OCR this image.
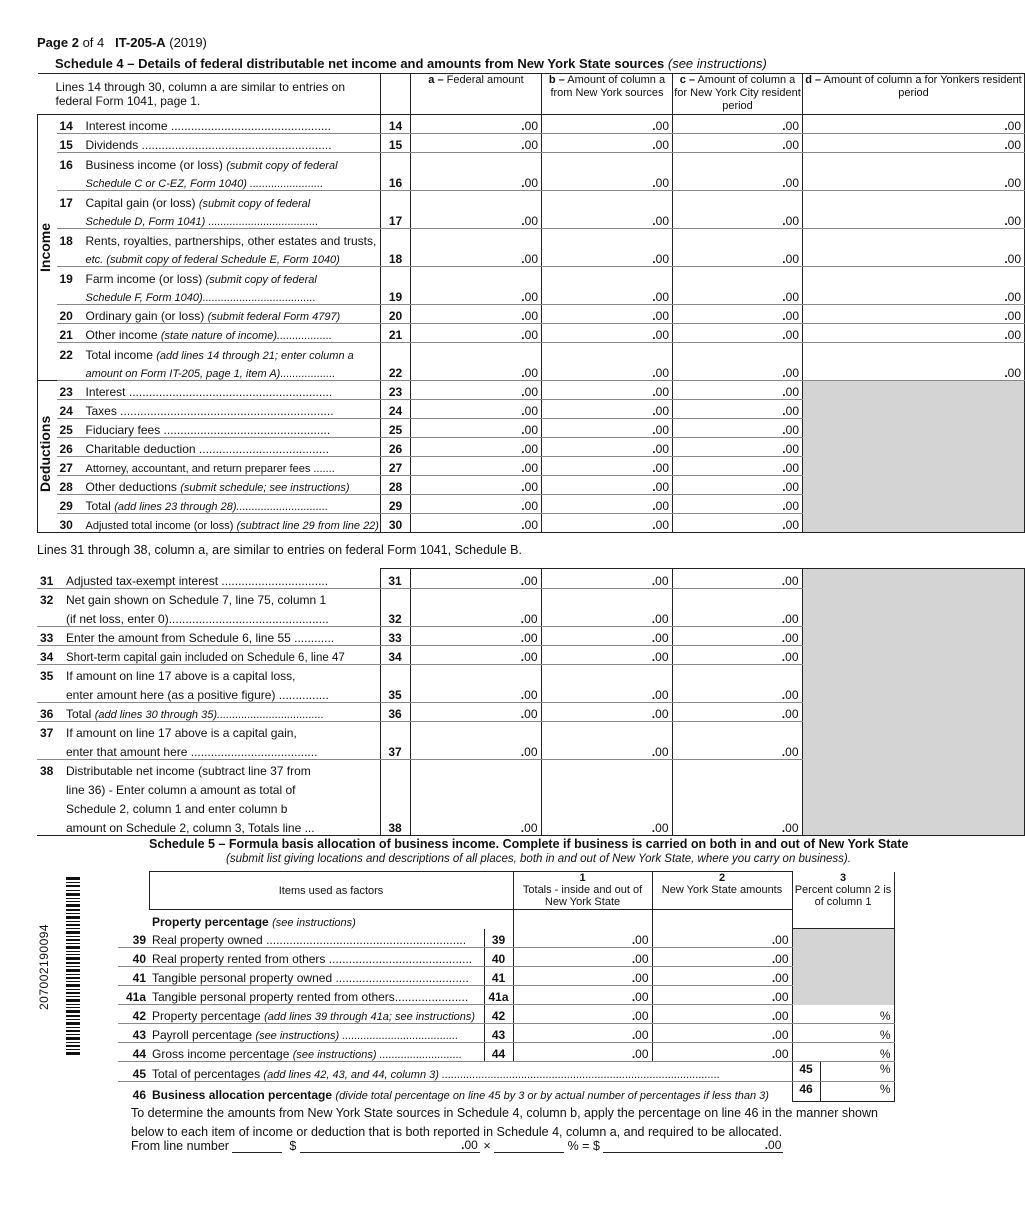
Page 2 of 4 IT-205-A (2019)
Schedule 4 – Details of federal distributable net income and amounts from New York State sources (see instructions)
Lines 14 through 30, column a are similar to entries on federal Form 1041, page 1.				a – Federal amount	b – Amount of column a from New York sources	c – Amount of column a for New York City resident period	d – Amount of column a for Yonkers resident period
	14	Interest income ................................................	14	.00	.00	.00	.00
	15	Dividends .........................................................	15	.00	.00	.00	.00
	16	Business income (or loss) (submit copy of federal					
		Schedule C or C-EZ, Form 1040) ........................	16	.00	.00	.00	.00
	17	Capital gain (or loss) (submit copy of federal					
		Schedule D, Form 1041) ....................................	17	.00	.00	.00	.00
	18	Rents, royalties, partnerships, other estates and trusts,					
		etc. (submit copy of federal Schedule E, Form 1040)	18	.00	.00	.00	.00
	19	Farm income (or loss) (submit copy of federal					
		Schedule F, Form 1040).....................................	19	.00	.00	.00	.00
	20	Ordinary gain (or loss) (submit federal Form 4797)	20	.00	.00	.00	.00
	21	Other income (state nature of income)..................	21	.00	.00	.00	.00
	22	Total income (add lines 14 through 21; enter column a					
		amount on Form IT-205, page 1, item A)..................	22	.00	.00	.00	.00
	23	Interest .............................................................	23	.00	.00	.00	
	24	Taxes ................................................................	24	.00	.00	.00	
	25	Fiduciary fees ..................................................	25	.00	.00	.00	
	26	Charitable deduction .......................................	26	.00	.00	.00	
	27	Attorney, accountant, and return preparer fees .......	27	.00	.00	.00	
	28	Other deductions (submit schedule; see instructions)	28	.00	.00	.00	
	29	Total (add lines 23 through 28)..............................	29	.00	.00	.00	
	30	Adjusted total income (or loss) (subtract line 29 from line 22)	30	.00	.00	.00	
Income
Deductions
Lines 31 through 38, column a, are similar to entries on federal Form 1041, Schedule B.

31	Adjusted tax-exempt interest ................................	31	.00	.00	.00		
32	Net gain shown on Schedule 7, line 75, column 1						
	(if net loss, enter 0)................................................	32	.00	.00	.00		
33	Enter the amount from Schedule 6, line 55 ............	33	.00	.00	.00		
34	Short-term capital gain included on Schedule 6, line 47	34	.00	.00	.00		
35	If amount on line 17 above is a capital loss,						
	enter amount here (as a positive figure) ...............	35	.00	.00	.00		
36	Total (add lines 30 through 35)...................................	36	.00	.00	.00		
37	If amount on line 17 above is a capital gain,						
	enter that amount here ......................................	37	.00	.00	.00		
38	Distributable net income (subtract line 37 from						
	line 36) - Enter column a amount as total of						
	Schedule 2, column 1 and enter column b						
	amount on Schedule 2, column 3, Totals line ...	38	.00	.00	.00		
Schedule 5 – Formula basis allocation of business income. Complete if business is carried on both in and out of New York State
(submit list giving locations and descriptions of all places, both in and out of New York State, where you carry on business).
	Items used as factors		1
Totals - inside and out of New York State	2
New York State amounts	3
Percent column 2 is of column 1
	Property percentage (see instructions)				
39	Real property owned ............................................................	39	.00	.00	
40	Real property rented from others ...........................................	40	.00	.00	
41	Tangible personal property owned ........................................	41	.00	.00	
41a	Tangible personal property rented from others......................	41a	.00	.00	
42	Property percentage (add lines 39 through 41a; see instructions)	42	.00	.00	%
43	Payroll percentage (see instructions) ......................................	43	.00	.00	%
44	Gross income percentage (see instructions) ...........................	44	.00	.00	%
45	Total of percentages (add lines 42, 43, and 44, column 3) ...........................................................................................				45 %

46	Business allocation percentage (divide total percentage on line 45 by 3 or by actual number of percentages if less than 3)				46 %
207002190094
To determine the amounts from New York State sources in Schedule 4, column b, apply the percentage on line 46 in the manner shown below to each item of income or deduction that is both reported in Schedule 4, column a, and required to be allocated.
From line number	$	.00 ×	% = $	.00
